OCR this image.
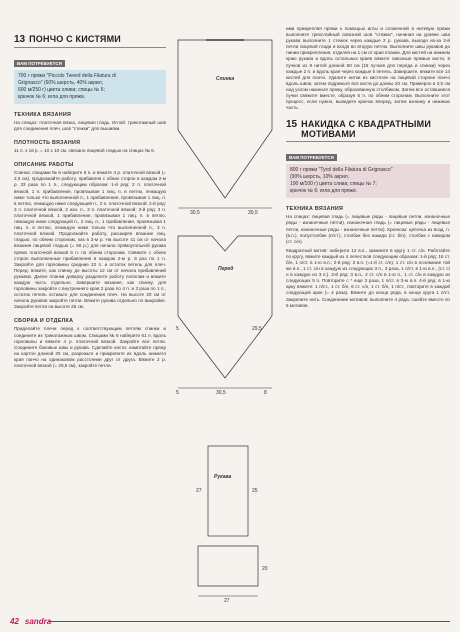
13 ПОНЧО С КИСТЯМИ
ВАМ ПОТРЕБУЕТСЯ
700 г пряжи "Piccolo Tweed della Filatura di
Grignasco" (60% шерсть, 40% акрил,
600 м/250 г) цвета олива; спицы № 6;
крючок № 6; игла для пряжи.
ТЕХНИКА ВЯЗАНИЯ

На спицах: платочная вязка, лицевая гладь. Иглой: трикотажный шов для соединения плеч, шов "стежки" для вышивки.

ПЛОТНОСТЬ ВЯЗАНИЯ

11 п. x 16 р. = 10 x 10 см, связано лицевой гладью на спицах № 6.

ОПИСАНИЕ РАБОТЫ

Спинка: спицами № 6 наберите 8 п. и вяжите 4 р. платочной вязкой (= 2,5 см), продолжайте работу, прибавляя с обеих сторон в каждом 2-м р. 33 раза по 1 п., следующим образом: 1-й ряд: 2 п. платочной вязкой, 1 п. прибавление, провязывая 1 лиц. п. в петлю, лежащую ниже только что выполненной п., 1 прибавление, провязывая 1 лиц. п. в петлю, лежащую ниже следующей п., 2 п. платочной вязкой; 2-й ряд: 3 п. платочной вязкой, 2 изн. п., 3 п. платочной вязкой; 3-й ряд: 3 п. платочной вязкой, 1 прибавление, провязывая 1 лиц. п. в петлю, лежащую ниже следующей п., 2 лиц. п., 1 прибавление, провязывая 1 лиц. п. в петлю, лежащую ниже только что выполненной п., 3 п. платочной вязкой. Продолжайте работу, расширяя вязание лиц. гладью, по обеим сторонам, как в 3-м р. На высоте 41 см от начала вязания лицевой гладью (= 66 р.) для начала прямоугольной рукава прямо платочной вязкой 6 п. по обеим сторонам. Свяжите с обеих сторон выполненные прибавления в каждом 2-м р. 6 раз по 1 п. Закройте для горловины средние 22 п. и остаток петель для плеч. Перед: вяжите, как спинку до высоты 12 см от начала прибавлений рукавов. Далее планки доверху разделите работу пополам и вяжите каждую часть отдельно. Завершите вязание, как спинку, для горловины закройте с внутреннего края 2 раза по 4 п. и 3 раза по 1 п., остаток петель оставьте для соединения плеч. На высоте 20 см от начала рукавов закройте петли. Вяжите рукава отдельно по выкройке. Закройте петли на высоте 25 см.

СБОРКА И ОТДЕЛКА

Приделайте плечи перед к соответствующим петлям спинки и соедините их трикотажным швом. Спицами № 6 наберите 61 п. вдоль горловины и вяжите 4 р. платочной вязкой. Закройте все петли. Соедините боковые швы и рукава. Сделайте кисти: намотайте пряжу на картон длиной 20 см, разрежьте и прикрепите их вдоль нижнего края пончо на одинаковом расстоянии друг от друга. Вяжите 2 р. платочной вязкой (= 29,5 см), закройте петли.

Спинка
Перед
Рукава
30,5	30,5
5	30,5	8
5	29,5
27	25
27
20

ими прикрепляя пряжи к помощью иглы и сложенной в нитевую пряжи выполните трехслойный сквозной шов "стежки", начиная на уровне шва рукава выполните 1 стежок через каждые 2 р. рукава, выходя из-за 2-й петли лицевой глади и входя во вторую петлю. Выполните швы рукавов до линии прикрепления, отделяя на 1 см от края планки. Для кистей на нижнем краю рукава и вдоль остальных краев вяжите сквозные прямые кисти, 6 пучков из 9 нитей длиной 50 см (18 пучков для переда и спинки) через каждые 2 п. и вдоль края через каждые 5 петель. Завершите, вяжите все 14 кистей для пончо. Удалите нитки из кисточек на лицевой стороне пончо вдоль швов, затем подрежьте все кисти до длины 20 см. Примерно в 3,5 см над узлом накиньте пряжу, образованную столбиком. Затем все оставшиеся пучки свяжите вместе, образуя 6 п. по обеим сторонам. Выполните этот процесс, если нужно, выведите крючок вперед, затем изнанку и нижнюю часть.

15 НАКИДКА С КВАДРАТНЫМИ МОТИВАМИ
ВАМ ПОТРЕБУЕТСЯ
800 г пряжи "Tyrol della Filatura di Grignasco"
(90% шерсть, 10% акрил,
100 м/100 г) цвета слива; спицы № 7;
крючок № 6; игла для пряжи.
ТЕХНИКА ВЯЗАНИЯ

На спицах: лицевая гладь (= лицевые ряды - лицевые петли, изнаночные ряды - изнаночные петли), изнаночная гладь (= лицевые ряды - лицевые петли, изнаночные ряды - изнаночные петли). Крючком: цепочка из возд. п. (в.п.), полустолбик (п/ст.), столбик без накида (ст. б/н), столбик с накидом (ст. с/н).

Квадратный мотив: наберите 12 в.п., замкните в кругу 1 ст. с/н. Работайте по кругу, вяжите каждый из 4 лепестков следующим образом: 1-й ряд: 16 ст. б/н, 1 п/ст. в 1-ю в.п.; 2-й ряд: 3 в.п. (=1-й ст. с/н), 1 ст. с/н в основание той же в.п., 1 ст. с/н в каждую из следующих 3 п., 3 раза, 1 п/ст. в 1-ю в.п., (ст. с/н в каждую из 3 п.). 3-й ряд: 3 в.п., 2 ст. с/н в 1-ю п., 1 ст. с/н в каждую из следующих 5 п. Повторите с * еще 3 раза, 1 п/ст. в 3-ю в.п. 4-й ряд: в 1-ю арку вяжите: 1 п/ст., 1 ст. б/н, 6 ст. с/н, 1 ст. б/н, 1 п/ст., повторите в каждой следующей арке (= 4 раза). Вяжите до конца ряда, в конце круга 1 п/ст. Закрепите нить. Соединение мотивов: выполните 4 ряда, сшейте вместе по 5 мотивов.

42 sandra
